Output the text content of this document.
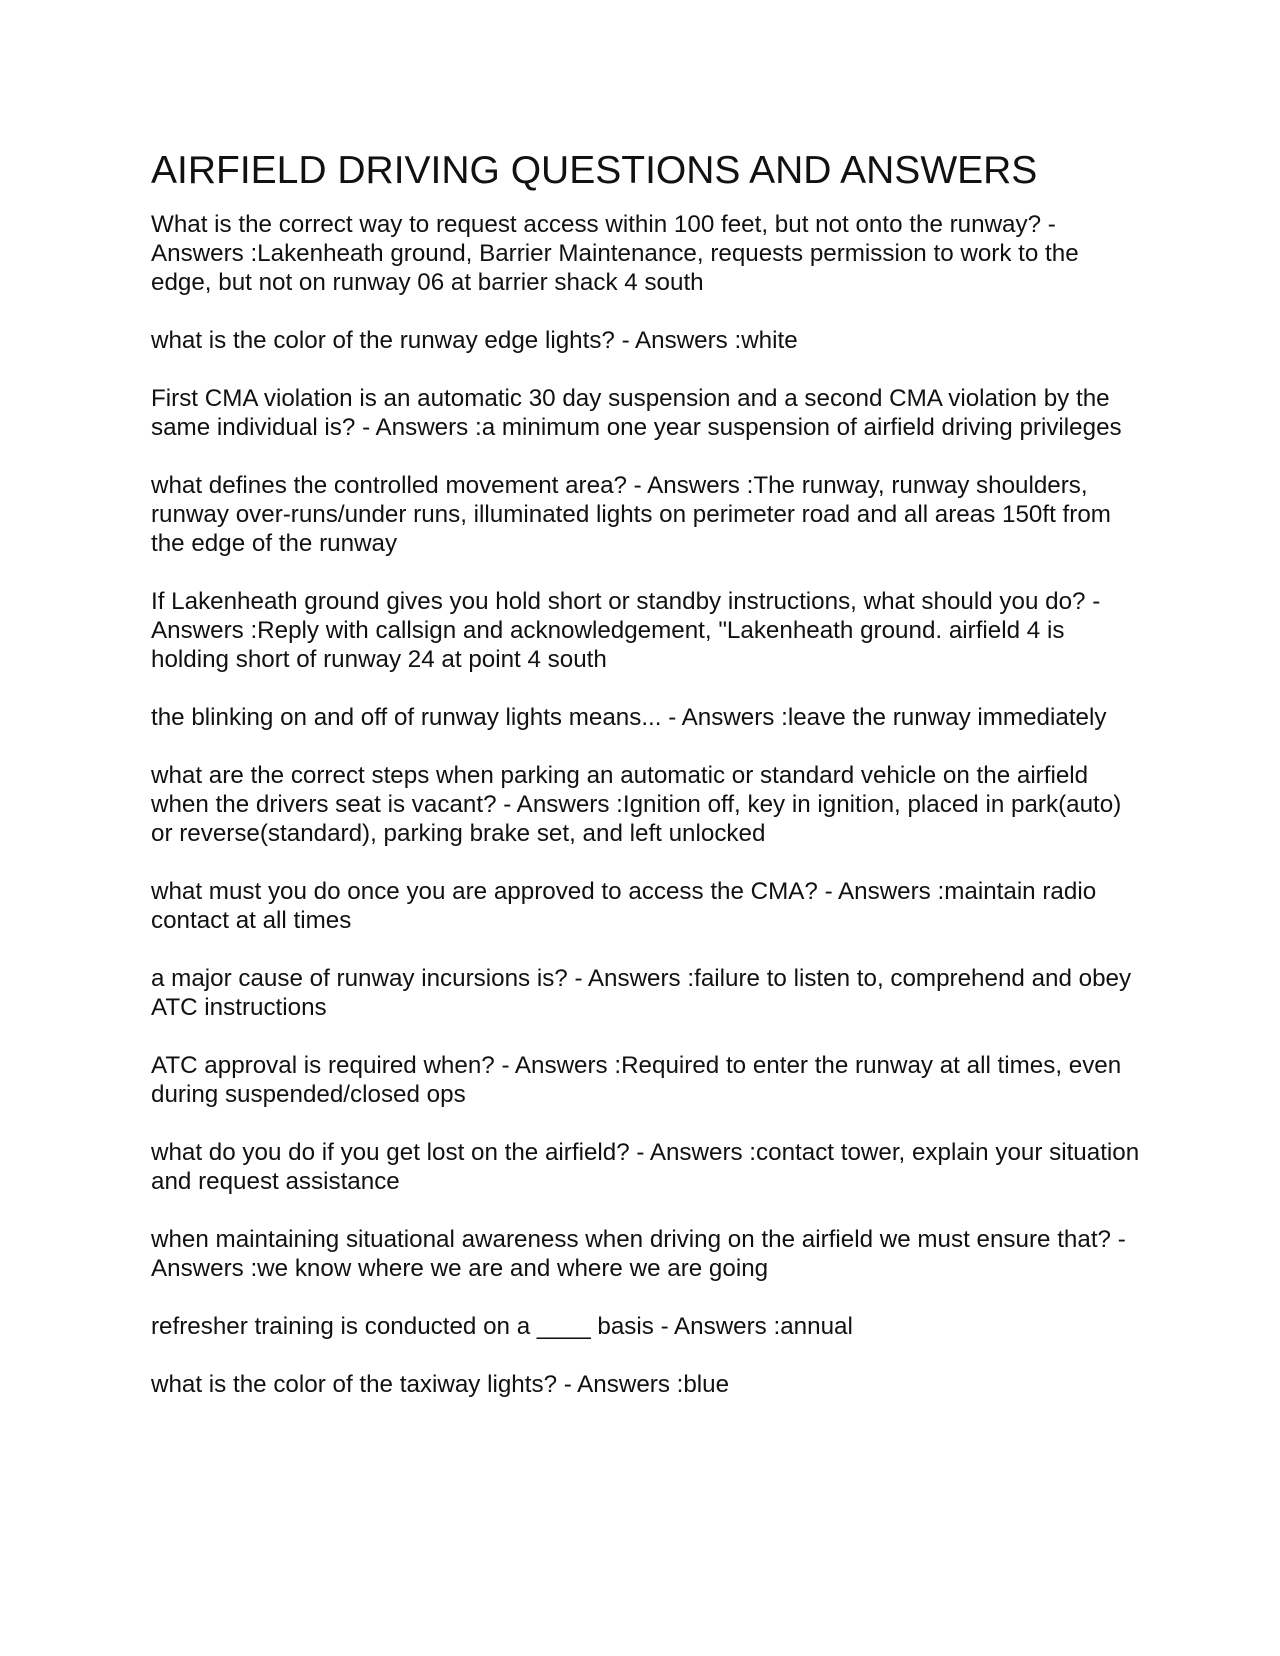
AIRFIELD DRIVING QUESTIONS AND ANSWERS

What is the correct way to request access within 100 feet, but not onto the runway? - Answers :Lakenheath ground, Barrier Maintenance, requests permission to work to the edge, but not on runway 06 at barrier shack 4 south

what is the color of the runway edge lights? - Answers :white

First CMA violation is an automatic 30 day suspension and a second CMA violation by the same individual is? - Answers :a minimum one year suspension of airfield driving privileges

what defines the controlled movement area? - Answers :The runway, runway shoulders, runway over-runs/under runs, illuminated lights on perimeter road and all areas 150ft from the edge of the runway

If Lakenheath ground gives you hold short or standby instructions, what should you do? - Answers :Reply with callsign and acknowledgement, "Lakenheath ground. airfield 4 is holding short of runway 24 at point 4 south

the blinking on and off of runway lights means... - Answers :leave the runway immediately

what are the correct steps when parking an automatic or standard vehicle on the airfield when the drivers seat is vacant? - Answers :Ignition off, key in ignition, placed in park(auto) or reverse(standard), parking brake set, and left unlocked

what must you do once you are approved to access the CMA? - Answers :maintain radio contact at all times

a major cause of runway incursions is? - Answers :failure to listen to, comprehend and obey ATC instructions

ATC approval is required when? - Answers :Required to enter the runway at all times, even during suspended/closed ops

what do you do if you get lost on the airfield? - Answers :contact tower, explain your situation and request assistance

when maintaining situational awareness when driving on the airfield we must ensure that? - Answers :we know where we are and where we are going

refresher training is conducted on a ____ basis - Answers :annual

what is the color of the taxiway lights? - Answers :blue
